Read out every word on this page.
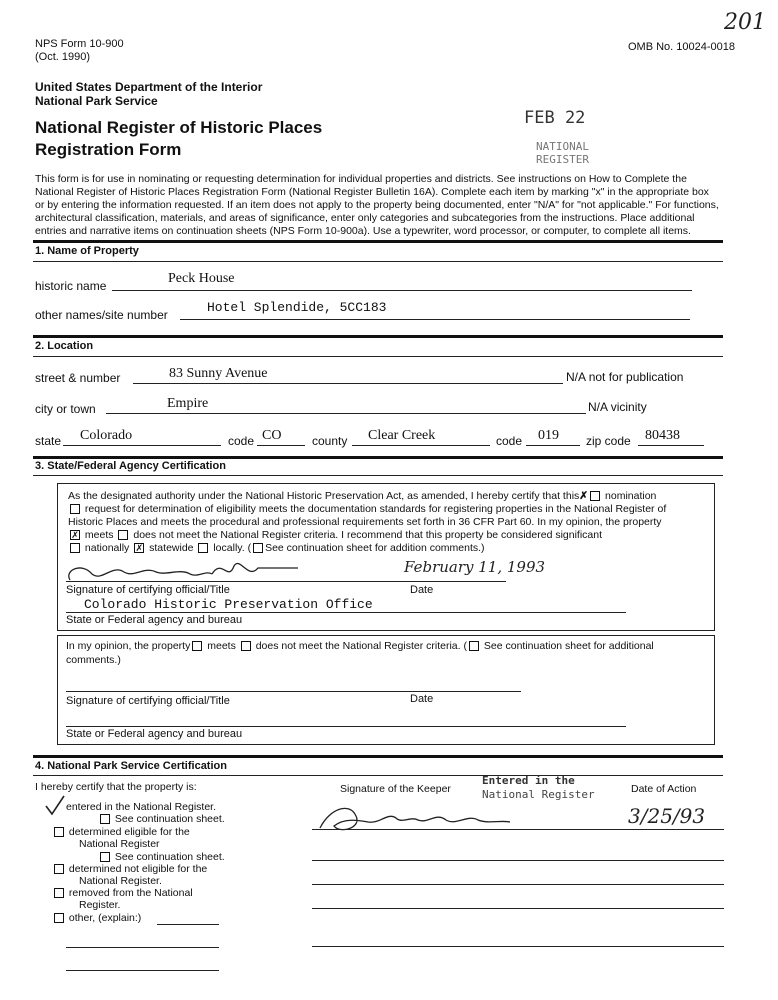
NPS Form 10-900
(Oct. 1990)
OMB No. 10024-0018
201
United States Department of the Interior
National Park Service
National Register of Historic Places
Registration Form
FEB 22
NATIONAL
REGISTER
This form is for use in nominating or requesting determination for individual properties and districts. See instructions on How to Complete the National Register of Historic Places Registration Form (National Register Bulletin 16A). Complete each item by marking "x" in the appropriate box or by entering the information requested. If an item does not apply to the property being documented, enter "N/A" for "not applicable." For functions, architectural classification, materials, and areas of significance, enter only categories and subcategories from the instructions. Place additional entries and narrative items on continuation sheets (NPS Form 10-900a). Use a typewriter, word processor, or computer, to complete all items.
1. Name of Property
historic name	Peck House
other names/site number	Hotel Splendide, 5CC183
2. Location
street & number	83 Sunny Avenue	N/A not for publication
city or town	Empire	N/A vicinity
state Colorado	code CO	county Clear Creek	code 019 zip code 80438
3. State/Federal Agency Certification
As the designated authority under the National Historic Preservation Act, as amended, I hereby certify that this✗ nomination
request for determination of eligibility meets the documentation standards for registering properties in the National Register of
Historic Places and meets the procedural and professional requirements set forth in 36 CFR Part 60. In my opinion, the property
✗ meets does not meet the National Register criteria. I recommend that this property be considered significant
nationally ✗ statewide locally. ( See continuation sheet for addition comments.)
February 11, 1993
Signature of certifying official/Title	Date
Colorado Historic Preservation Office
State or Federal agency and bureau
In my opinion, the property meets does not meet the National Register criteria. ( See continuation sheet for additional
comments.)
Signature of certifying official/Title	Date
State or Federal agency and bureau
4. National Park Service Certification
I hereby certify that the property is:	Signature of the Keeper	Date of Action
Entered in the
National Register
3/25/93
entered in the National Register.
See continuation sheet.
determined eligible for the
National Register
See continuation sheet.
determined not eligible for the
National Register.
removed from the National
Register.
other, (explain:)
